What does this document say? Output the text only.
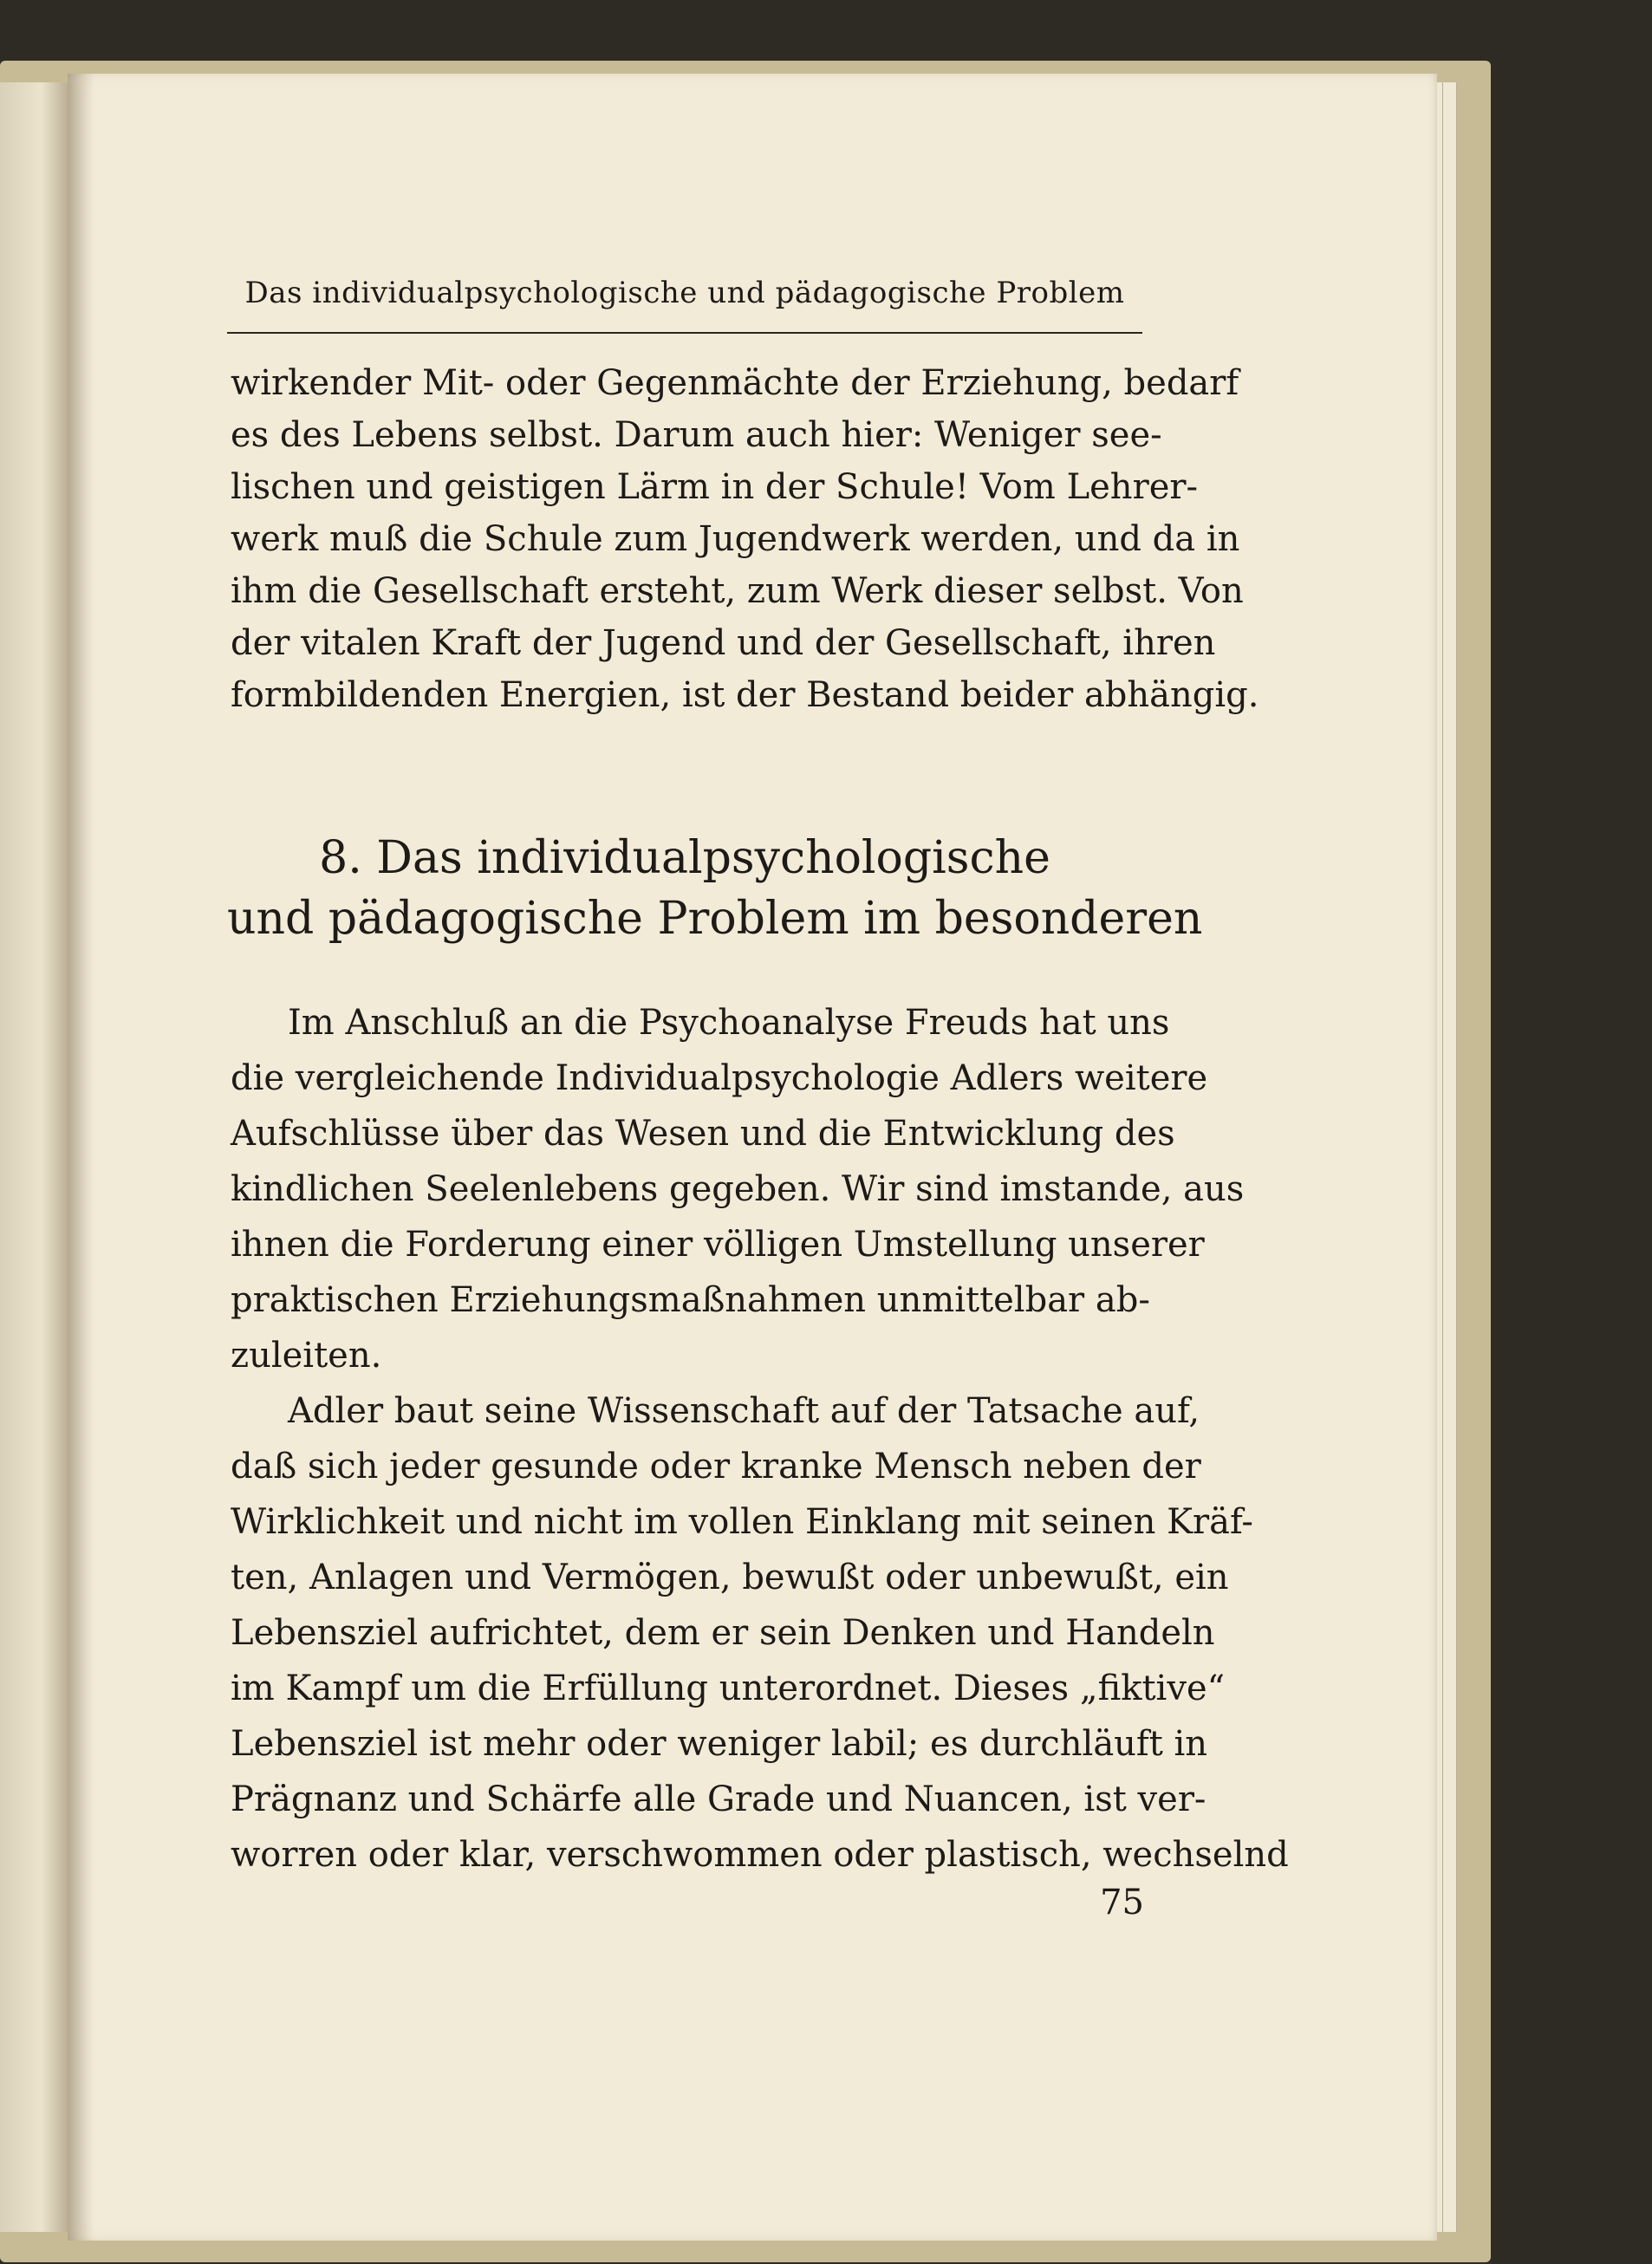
Das individualpsychologische und pädagogische Problem
wirkender Mit- oder Gegenmächte der Erziehung, bedarf
es des Lebens selbst. Darum auch hier: Weniger see-
lischen und geistigen Lärm in der Schule! Vom Lehrer-
werk muß die Schule zum Jugendwerk werden, und da in
ihm die Gesellschaft ersteht, zum Werk dieser selbst. Von
der vitalen Kraft der Jugend und der Gesellschaft, ihren
formbildenden Energien, ist der Bestand beider abhängig.
8. Das individualpsychologische
und pädagogische Problem im besonderen
Im Anschluß an die Psychoanalyse Freuds hat uns
die vergleichende Individualpsychologie Adlers weitere
Aufschlüsse über das Wesen und die Entwicklung des
kindlichen Seelenlebens gegeben. Wir sind imstande, aus
ihnen die Forderung einer völligen Umstellung unserer
praktischen Erziehungsmaßnahmen unmittelbar ab-
zuleiten.
Adler baut seine Wissenschaft auf der Tatsache auf,
daß sich jeder gesunde oder kranke Mensch neben der
Wirklichkeit und nicht im vollen Einklang mit seinen Kräf-
ten, Anlagen und Vermögen, bewußt oder unbewußt, ein
Lebensziel aufrichtet, dem er sein Denken und Handeln
im Kampf um die Erfüllung unterordnet. Dieses „fiktive“
Lebensziel ist mehr oder weniger labil; es durchläuft in
Prägnanz und Schärfe alle Grade und Nuancen, ist ver-
worren oder klar, verschwommen oder plastisch, wechselnd
75
